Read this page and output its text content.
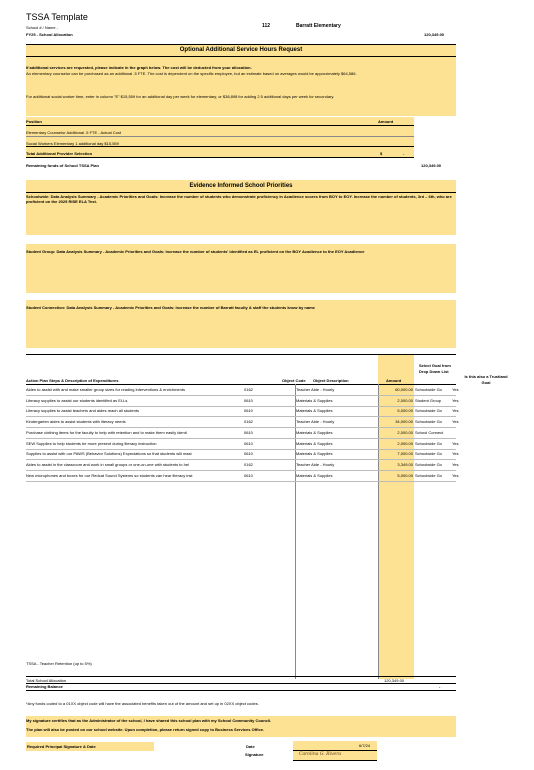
TSSA Template
School # / Name -	112	Barratt Elementary
FY25 - School Allocation	120,349.00
Optional Additional Service Hours Request
If additional services are requested, please indicate in the graph below. The cost will be deducted from your allocation.
An elementary counselor can be purchased as an additional .5 FTE. The cost is dependent on the specific employee, but an estimate based on averages would be approximately $64,586.
For additional social worker time, enter in column "E" $15,559 for an additional day per week for elementary, or $38,898 for adding 2.5 additional days per week for secondary.
Position	Amount
Elementary Counselor Additional .5 FTE - Actual Cost
Social Workers Elementary 1 additional day $15,559
Total Additional Provider Selection	$	-
Remaining funds of School TSSA Plan	120,349.00
Evidence Informed School Priorities
Schoolwide: Data Analysis Summary - Academic Priorities and Goals: Increase the number of students who demonstrate proficiency in Acadience scores from BOY to EOY. Increase the number of students, 3rd – 6th, who are proficient on the 2025 RISE ELA Test.
Student Group: Data Analysis Summary - Academic Priorities and Goals: Increase the number of students' identified as EL proficient on the BOY Acadience to the EOY Acadience
Student Connection: Data Analysis Summary - Academic Priorities and Goals: Increase the number of Barratt faculty & staff the students know by name
Select Goal from Drop Down List
Is this also a Trustland Goal
Action Plan Steps & Description of Expenditures	Object Code Object Description	Amount
Aides to assist with and make smaller group sizes for reading interventions & enrichments	0162	Teacher Aide - Hourly	60,000.00 Schoolwide Go	Yes
Literacy supplies to assist our students identified as ELLs	0610	Materials & Supplies	2,000.00 Student Group	Yes
Literacy supplies to assist teachers and aides reach all students	0610	Materials & Supplies	5,000.00 Schoolwide Go	Yes
Kindergarten aides to assist students with literacy needs	0162	Teacher Aide - Hourly	34,000.00 Schoolwide Go	Yes
Purchase clothing items for the faculty to help with retention and to make them easily identi	0610	Materials & Supplies	2,000.00 School Connect
SEW Supplies to help students be more present during literacy instruction	0610	Materials & Supplies	2,000.00 Schoolwide Go	Yes
Supplies to assist with our PAWS (Behavior Solutions) Expectations so that students will mast	0610	Materials & Supplies	7,000.00 Schoolwide Go	Yes
Aides to assist in the classroom and work in small groups or one-on-one with students to hel	0162	Teacher Aide - Hourly	3,349.00 Schoolwide Go	Yes
New microphones and boxes for our Redcat Sound Systems so students can hear literacy inst	0610	Materials & Supplies	5,000.00 Schoolwide Go	Yes
TSSA - Teacher Retention (up to 5%)
Total School Allocation	120,349.00
Remaining Balance	-
*Any funds coded to a 01XX object code will have the associated benefits taken out of the amount and set up in 02XX object codes.
My signature certifies that as the Administrator of the school, I have shared this school plan with my School Community Council.
The plan will also be posted on our school website. Upon completion, please return signed copy to Business Services Office.
Required Principal Signature & Date	Date	6/7/24
Signature	Carolina G. Rivera
